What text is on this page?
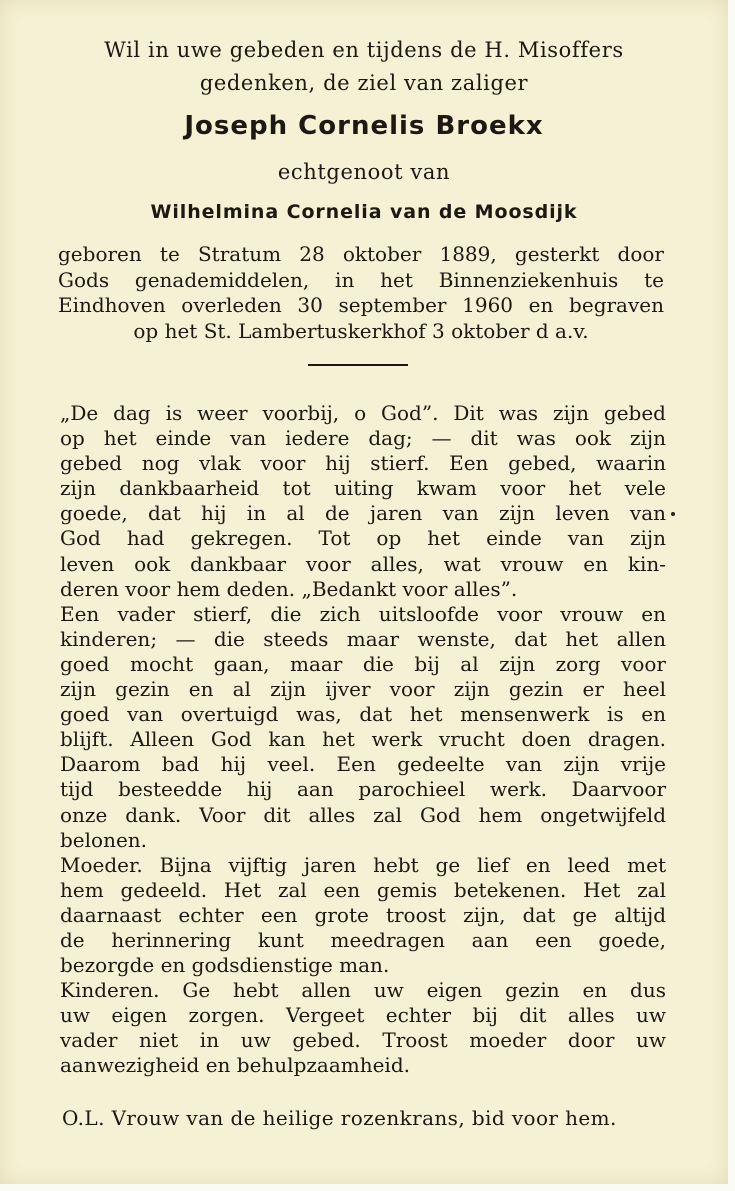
Wil in uwe gebeden en tijdens de H. Misoffers
gedenken, de ziel van zaliger
Joseph Cornelis Broekx
echtgenoot van
Wilhelmina Cornelia van de Moosdijk
geboren te Stratum 28 oktober 1889, gesterkt door
Gods genademiddelen, in het Binnenziekenhuis te
Eindhoven overleden 30 september 1960 en begraven
op het St. Lambertuskerkhof 3 oktober d a.v.
„De dag is weer voorbij, o God”. Dit was zijn gebed
op het einde van iedere dag; — dit was ook zijn
gebed nog vlak voor hij stierf. Een gebed, waarin
zijn dankbaarheid tot uiting kwam voor het vele
goede, dat hij in al de jaren van zijn leven van
God had gekregen. Tot op het einde van zijn
leven ook dankbaar voor alles, wat vrouw en kin-
deren voor hem deden. „Bedankt voor alles”.
Een vader stierf, die zich uitsloofde voor vrouw en
kinderen; — die steeds maar wenste, dat het allen
goed mocht gaan, maar die bij al zijn zorg voor
zijn gezin en al zijn ijver voor zijn gezin er heel
goed van overtuigd was, dat het mensenwerk is en
blijft. Alleen God kan het werk vrucht doen dragen.
Daarom bad hij veel. Een gedeelte van zijn vrije
tijd besteedde hij aan parochieel werk. Daarvoor
onze dank. Voor dit alles zal God hem ongetwijfeld
belonen.
Moeder. Bijna vijftig jaren hebt ge lief en leed met
hem gedeeld. Het zal een gemis betekenen. Het zal
daarnaast echter een grote troost zijn, dat ge altijd
de herinnering kunt meedragen aan een goede,
bezorgde en godsdienstige man.
Kinderen. Ge hebt allen uw eigen gezin en dus
uw eigen zorgen. Vergeet echter bij dit alles uw
vader niet in uw gebed. Troost moeder door uw
aanwezigheid en behulpzaamheid.
O.L. Vrouw van de heilige rozenkrans, bid voor hem.
